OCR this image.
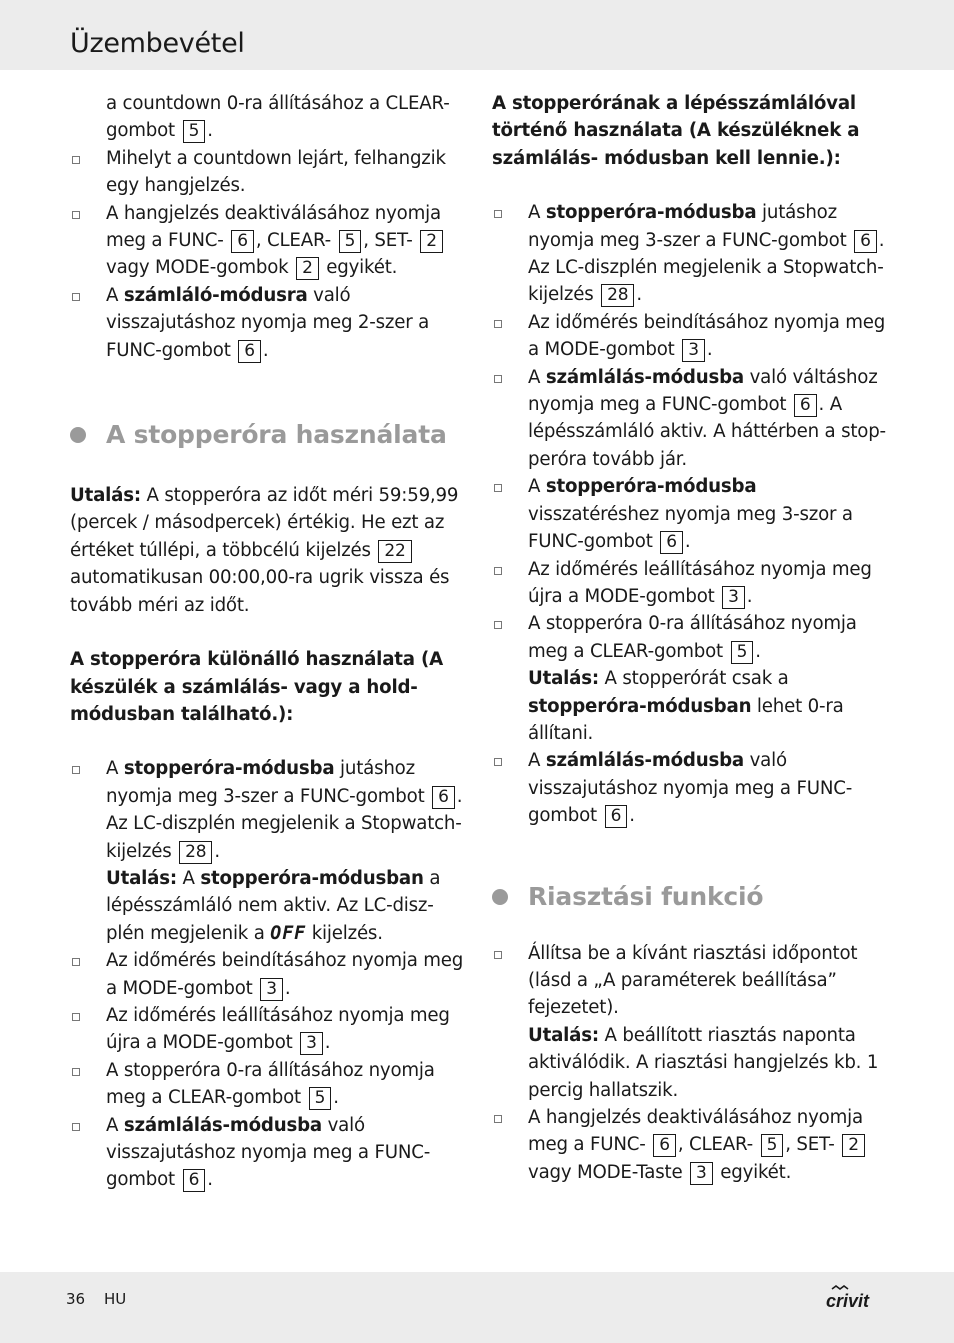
Üzembevétel

a countdown 0-ra állításához a CLEAR-gombot 5 .

Mihelyt a countdown lejárt, felhangzik egy hangjelzés.
A hangjelzés deaktiválásához nyomja meg a FUNC- 6 , CLEAR- 5 , SET- 2 vagy MODE-gombok 2 egyikét.
A számláló-módusra való visszajutáshoz nyomja meg 2-szer a FUNC-gombot 6 .
A stopperóra használata

Utalás: A stopperóra az időt méri 59:59,99 (percek / másodpercek) értékig. He ezt az értéket túllépi, a többcélú kijelzés 22 automatikusan 00:00,00-ra ugrik vissza és tovább méri az időt.

A stopperóra különálló használata (A készülék a számlálás- vagy a hold-módusban található.):

A stopperóra-módusba jutáshoz nyomja meg 3-szer a FUNC-gombot 6 . Az LC-diszplén megjelenik a Stopwatch-kijelzés 28 .
Utalás: A stopperóra-módusban a lépésszámláló nem aktiv. Az LC-diszplén megjelenik a OFF kijelzés.
Az időmérés beindításához nyomja meg a MODE-gombot 3 .
Az időmérés leállításához nyomja meg újra a MODE-gombot 3 .
A stopperóra 0-ra állításához nyomja meg a CLEAR-gombot 5 .
A számlálás-módusba való visszajutáshoz nyomja meg a FUNC-gombot 6 .

A stopperórának a lépésszámlálóval történő használata (A készüléknek a számlálás- módusban kell lennie.):

A stopperóra-módusba jutáshoz nyomja meg 3-szer a FUNC-gombot 6 . Az LC-diszplén megjelenik a Stopwatch-kijelzés 28 .
Az időmérés beindításához nyomja meg a MODE-gombot 3 .
A számlálás-módusba való váltáshoz nyomja meg a FUNC-gombot 6 . A lépésszámláló aktiv. A háttérben a stopperόra tovább jár.
A stopperóra-módusba visszatéréshez nyomja meg 3-szor a FUNC-gombot 6 .
Az időmérés leállításához nyomja meg újra a MODE-gombot 3 .
A stopperóra 0-ra állításához nyomja meg a CLEAR-gombot 5 .
Utalás: A stopperórát csak a stopperóra-módusban lehet 0-ra állítani.
A számlálás-módusba való visszajutáshoz nyomja meg a FUNC-gombot 6 .
Riasztási funkció
Állítsa be a kívánt riasztási időpontot (lásd a „A paraméterek beállítása” fejezetet).
Utalás: A beállított riasztás naponta aktiválódik. A riasztási hangjelzés kb. 1 percig hallatszik.
A hangjelzés deaktiválásához nyomja meg a FUNC- 6 , CLEAR- 5 , SET- 2 vagy MODE-Taste 3 egyikét.
36 HU	crivit
